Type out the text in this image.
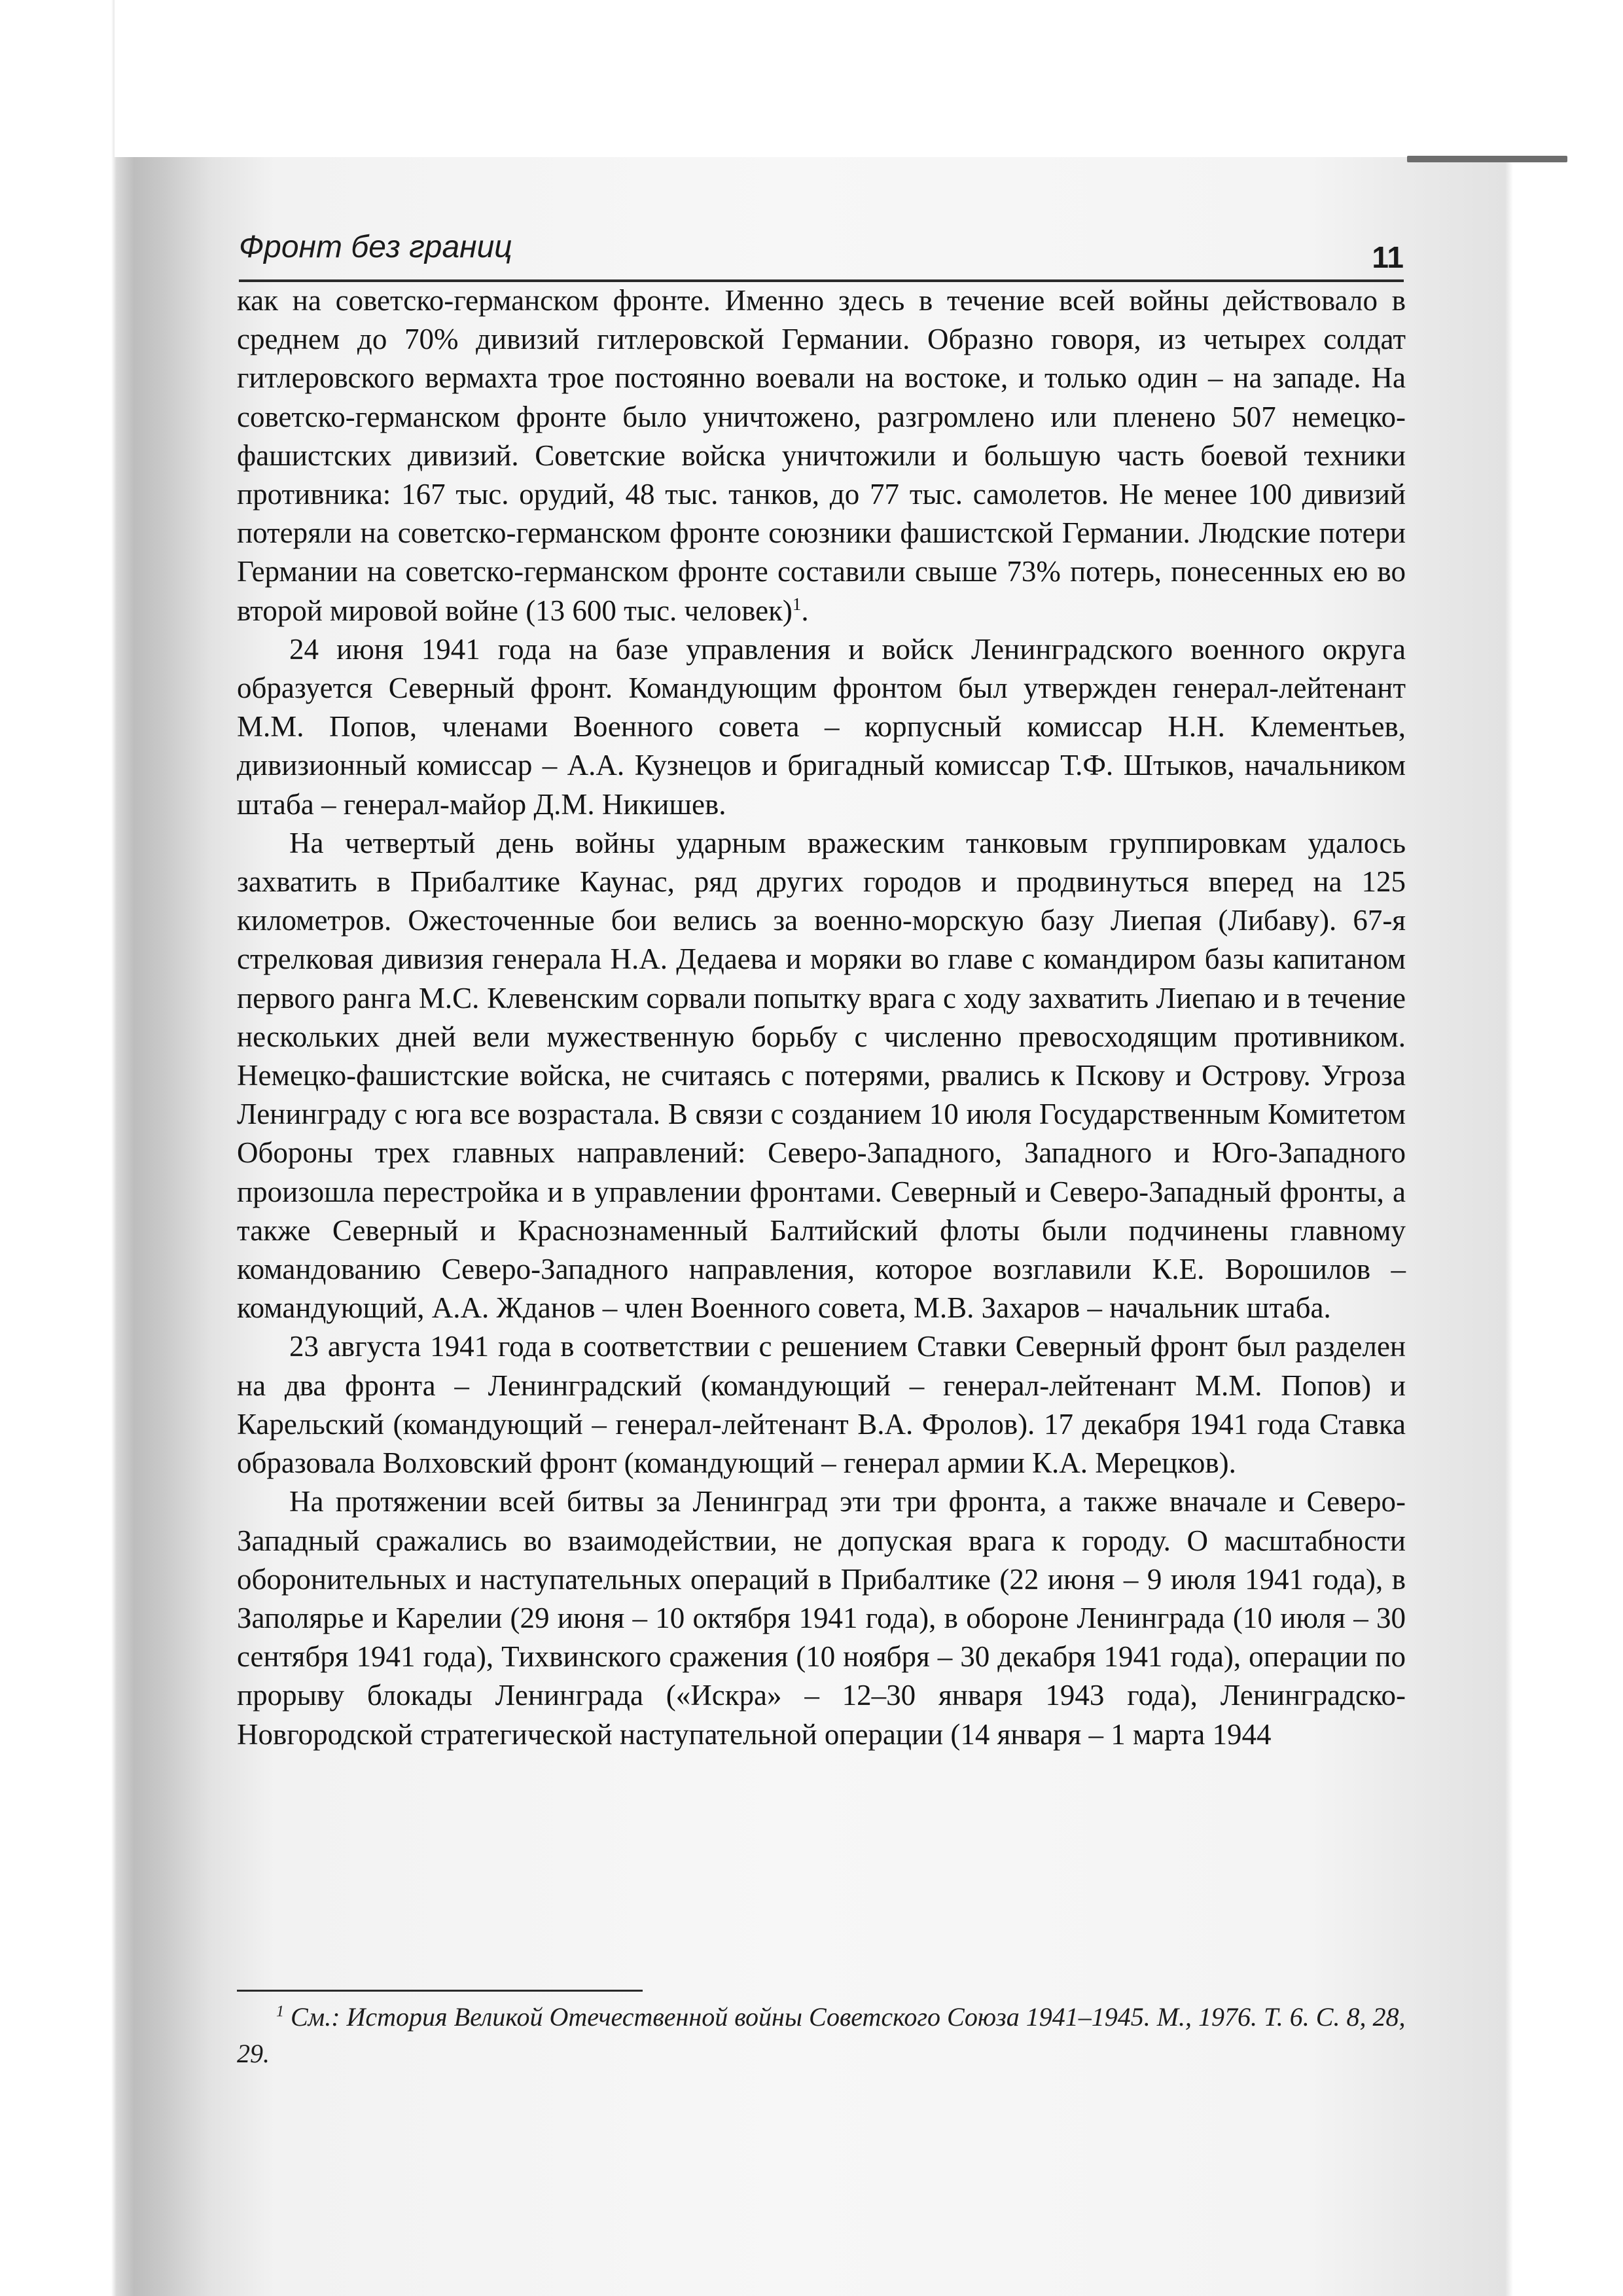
Фронт без границ	11

как на советско-германском фронте. Именно здесь в течение всей войны действовало в среднем до 70% дивизий гитлеровской Германии. Образно говоря, из четырех солдат гитлеровского вермахта трое постоянно воевали на востоке, и только один – на западе. На советско-германском фронте было уничтожено, разгромлено или пленено 507 немецко-фашистских дивизий. Советские войска уничтожили и большую часть боевой техники противника: 167 тыс. орудий, 48 тыс. танков, до 77 тыс. самолетов. Не менее 100 дивизий потеряли на советско-германском фронте союзники фашистской Германии. Людские потери Германии на советско-германском фронте составили свыше 73% потерь, понесенных ею во второй мировой войне (13 600 тыс. человек)$^1$.

24 июня 1941 года на базе управления и войск Ленинградского военного округа образуется Северный фронт. Командующим фронтом был утвержден генерал-лейтенант М.М. Попов, членами Военного совета – корпусный комиссар Н.Н. Клементьев, дивизионный комиссар – А.А. Кузнецов и бригадный комиссар Т.Ф. Штыков, начальником штаба – генерал-майор Д.М. Никишев.

На четвертый день войны ударным вражеским танковым группировкам удалось захватить в Прибалтике Каунас, ряд других городов и продвинуться вперед на 125 километров. Ожесточенные бои велись за военно-морскую базу Лиепая (Либаву). 67-я стрелковая дивизия генерала Н.А. Дедаева и моряки во главе с командиром базы капитаном первого ранга М.С. Клевенским сорвали попытку врага с ходу захватить Лиепаю и в течение нескольких дней вели мужественную борьбу с численно превосходящим противником. Немецко-фашистские войска, не считаясь с потерями, рвались к Пскову и Острову. Угроза Ленинграду с юга все возрастала. В связи с созданием 10 июля Государственным Комитетом Обороны трех главных направлений: Северо-Западного, Западного и Юго-Западного произошла перестройка и в управлении фронтами. Северный и Северо-Западный фронты, а также Северный и Краснознаменный Балтийский флоты были подчинены главному командованию Северо-Западного направления, которое возглавили К.Е. Ворошилов – командующий, А.А. Жданов – член Военного совета, М.В. Захаров – начальник штаба.

23 августа 1941 года в соответствии с решением Ставки Северный фронт был разделен на два фронта – Ленинградский (командующий – генерал-лейтенант М.М. Попов) и Карельский (командующий – генерал-лейтенант В.А. Фролов). 17 декабря 1941 года Ставка образовала Волховский фронт (командующий – генерал армии К.А. Мерецков).

На протяжении всей битвы за Ленинград эти три фронта, а также вначале и Северо-Западный сражались во взаимодействии, не допуская врага к городу. О масштабности оборонительных и наступательных операций в Прибалтике (22 июня – 9 июля 1941 года), в Заполярье и Карелии (29 июня – 10 октября 1941 года), в обороне Ленинграда (10 июля – 30 сентября 1941 года), Тихвинского сражения (10 ноября – 30 декабря 1941 года), операции по прорыву блокады Ленинграда («Искра» – 12–30 января 1943 года), Ленинградско-Новгородской стратегической наступательной операции (14 января – 1 марта 1944

$^1$ См.: История Великой Отечественной войны Советского Союза 1941–1945. М., 1976. Т. 6. С. 8, 28, 29.
